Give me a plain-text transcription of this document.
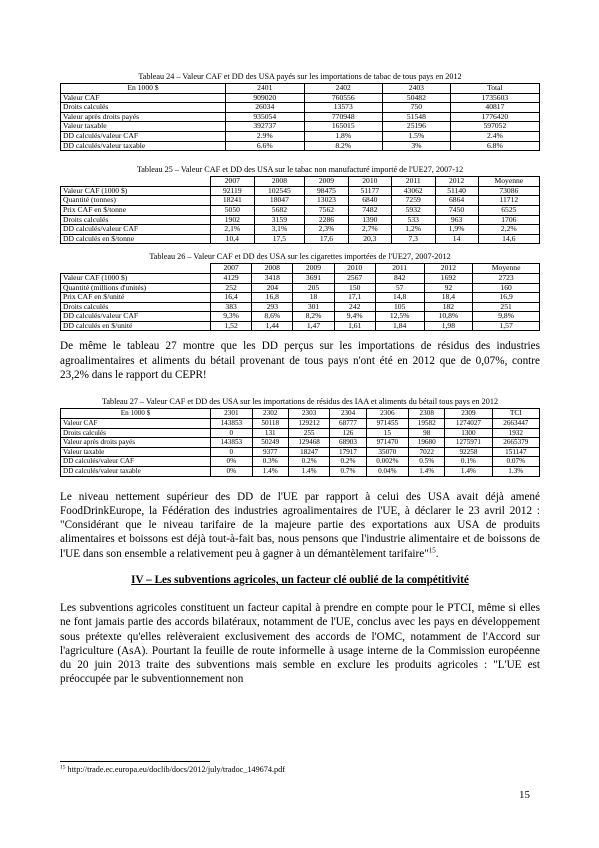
Tableau 24 – Valeur CAF et DD des USA payés sur les importations de tabac de tous pays en 2012
En 1000 $	2401	2402	2403	Total
Valeur CAF	909020	760556	50482	1735603
Droits calculés	26034	13573	750	40817
Valeur après droits payés	935054	770948	51548	1776420
Valeur taxable	392737	165015	25196	597052
DD calculés/valeur CAF	2.9%	1.8%	1.5%	2.4%
DD calculés/valeur taxable	6.6%	8.2%	3%	6.8%
Tableau 25 – Valeur CAF et DD des USA sur le tabac non manufacturé importé de l'UE27, 2007-12
	2007	2008	2009	2010	2011	2012	Moyenne
Valeur CAF (1000 $)	92119	102545	98475	51177	43062	51140	73086
Quantité (tonnes)	18241	18047	13023	6840	7259	6864	11712
Prix CAF en $/tonne	5050	5682	7562	7482	5932	7450	6525
Droits calculés	1902	3159	2286	1390	533	963	1706
DD calculés/valeur CAF	2,1%	3,1%	2,3%	2,7%	1,2%	1,9%	2,2%
DD calculés en $/tonne	10,4	17,5	17,6	20,3	7,3	14	14,6
Tableau 26 – Valeur CAF et DD des USA sur les cigarettes importées de l'UE27, 2007-2012
	2007	2008	2009	2010	2011	2012	Moyenne
Valeur CAF (1000 $)	4129	3418	3691	2567	842	1692	2723
Quantité (millions d'unités)	252	204	205	150	57	92	160
Prix CAF en $/unité	16,4	16,8	18	17,1	14,8	18,4	16,9
Droits calculés	383	293	301	242	105	182	251
DD calculés/valeur CAF	9,3%	8,6%	8,2%	9,4%	12,5%	10,8%	9,8%
DD calculés en $/unité	1,52	1,44	1,47	1,61	1,84	1,98	1,57

De même le tableau 27 montre que les DD perçus sur les importations de résidus des industries agroalimentaires et aliments du bétail provenant de tous pays n'ont été en 2012 que de 0,07%, contre 23,2% dans le rapport du CEPR!

Tableau 27 – Valeur CAF et DD des USA sur les importations de résidus des IAA et aliments du bétail tous pays en 2012
En 1000 $	2301	2302	2303	2304	2306	2308	2309	TCI
Valeur CAF	143853	50118	129212	68777	971455	19582	1274027	2663447
Droits calculés	0	131	255	126	15	98	1300	1932
Valeur après droits payés	143853	50249	129468	68903	971470	19680	1275971	2665379
Valeur taxable	0	9377	18247	17917	35070	7022	92258	151147
DD calculés/valeur CAF	0%	0.3%	0.2%	0.2%	0.002%	0.5%	0.1%	0.07%
DD calculés/valeur taxable	0%	1.4%	1.4%	0.7%	0.04%	1.4%	1.4%	1.3%

Le niveau nettement supérieur des DD de l'UE par rapport à celui des USA avait déjà amené FoodDrinkEurope, la Fédération des industries agroalimentaires de l'UE, à déclarer le 23 avril 2012 : "Considérant que le niveau tarifaire de la majeure partie des exportations aux USA de produits alimentaires et boissons est déjà tout-à-fait bas, nous pensons que l'industrie alimentaire et de boissons de l'UE dans son ensemble a relativement peu à gagner à un démantèlement tarifaire"$^{15}$.

IV – Les subventions agricoles, un facteur clé oublié de la compétitivité

Les subventions agricoles constituent un facteur capital à prendre en compte pour le PTCI, même si elles ne font jamais partie des accords bilatéraux, notamment de l'UE, conclus avec les pays en développement sous prétexte qu'elles relèveraient exclusivement des accords de l'OMC, notamment de l'Accord sur l'agriculture (AsA). Pourtant la feuille de route informelle à usage interne de la Commission européenne du 20 juin 2013 traite des subventions mais semble en exclure les produits agricoles : "L'UE est préoccupée par le subventionnement non

$^{15}$ http://trade.ec.europa.eu/doclib/docs/2012/july/tradoc_149674.pdf
15
